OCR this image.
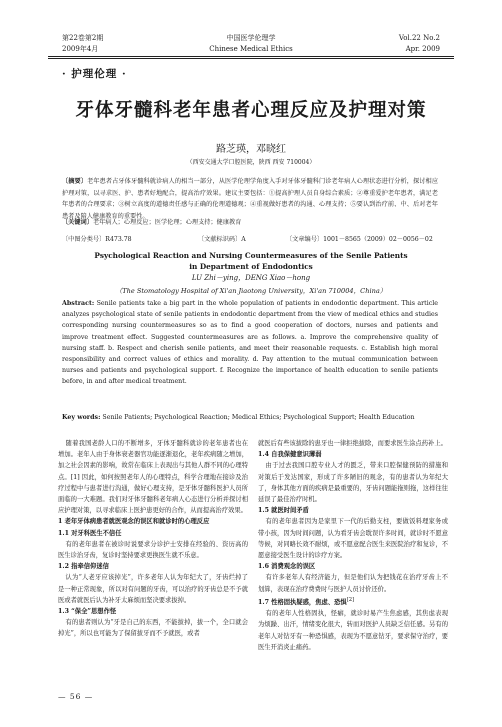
第22卷第2期
2009年4月
中国医学伦理学
Chinese Medical Ethics
Vol.22 No.2
Apr. 2009
· 护理伦理 ·
牙体牙髓科老年患者心理反应及护理对策
路芝瑛，邓晓红
（西安交通大学口腔医院，陕西 西安 710004）
〔摘要〕老年患者占牙体牙髓科就诊病人的相当一部分，从医学伦理学角度入手对牙体牙髓科门诊老年病人心理状态进行分析，探讨相应护理对策，以寻求医、护、患者好地配合，提高治疗效果。建议主要包括：①提高护理人员自身综合素质；②尊重爱护老年患者，满足老年患者的合理要求；③树立高度的道德责任感与正确的伦理道德观；④重视做好患者的沟通、心理支持；⑤要认到治疗前、中、后对老年患者及陪人健康教育的重要性。
〔关键词〕老年病人；心理反应；医学伦理；心理支持；健康教育
〔中图分类号〕R473.78	〔文献标识码〕A	〔文章编号〕1001－8565（2009）02－0056－02
Psychological Reaction and Nursing Countermeasures of the Senile Patients
in Department of Endodontics
LU Zhi－ying，DENG Xiao－hong
（The Stomatology Hospital of Xi'an Jiaotong University，Xi'an 710004，China）
Abstract: Senile patients take a big part in the whole population of patients in endodontic department. This article analyzes psychological state of senile patients in endodontic department from the view of medical ethics and studies corresponding nursing countermeasures so as to find a good cooperation of doctors, nurses and patients and improve treatment effect. Suggested countermeasures are as follows. a. Improve the comprehensive quality of nursing staff. b. Respect and cherish senile patients, and meet their reasonable requests. c. Establish high moral responsibility and correct values of ethics and morality. d. Pay attention to the mutual communication between nurses and patients and psychological support. f. Recognize the importance of health education to senile patients before, in and after medical treatment.
Key words: Senile Patients; Psychological Reaction; Medical Ethics; Psychological Support; Health Education

随着我国老龄人口的不断增多，牙体牙髓科就诊的老年患者也在增加。老年人由于身体衰老器官功能逐渐退化，老年疾病随之增加，加之社会因素的影响，故常在临床上表现出与其他人群不同的心理特点。[1] 因此，如何按照老年人的心理特点，科学合理地在接诊及治疗过程中与患者进行沟通，做好心理支持，是牙体牙髓科医护人员所面临的一大难题。我们对牙体牙髓科老年病人心态进行分析并探讨相应护理对策，以寻求临床上医护患更好的合作，从而提高治疗效果。

1 老年牙体病患者就医观念的误区和就诊时的心理反应

1.1 对牙科医生不信任

有的老年患者在被诊时说要求分诊护士安排在经验的、资历高的医生诊治牙齿，复诊时坚持要求更换医生就不乐意。

1.2 指牵信仰迷信

认为“人老牙应该掉光”，许多老年人认为年纪大了，牙齿烂掉了是一种正常现象，所以对有问题的牙齿，可以治疗的牙齿总是不予就医或者就医后认为补牙太麻烦而坚决要求拔掉。

1.3 “保全”思想作怪

有的患者则认为“牙是自己的东西，不能拔掉，拔一个，全口就会掉光”，所以也可能为了保留拔牙而不予就医，或者

就医后有些该拔除的患牙也一律拒绝拔除，而要求医生涂点药补上。

1.4 自我保健意识薄弱

由于过去我国口腔专业人才的匮乏，带来口腔保健预防的措施和对策后于发达国家，形成了许多陋旧的观念，有的患者认为年纪大了，身体其他方面的疾病是最重要的，牙齿问题能拖则拖，这样往往延误了最佳治疗时机。

1.5 就医时间矛盾

有的老年患者因为是家里下一代的后勤支柱，要做饭料理家务或带小孩，因为时间问题，认为看牙齿会耽误许多时间，就诊时不愿意等候，对同略长效不耐烦，或不愿意配合医生来医院治疗和复诊，不愿意接受医生设计的诊疗方案。

1.6 消费观念的误区

有许多老年人有经济能力，但是他们认为把钱花在治疗牙齿上不划算，表现在治疗费费时与医护人员讨价还价。

1.7 性格固执疑惑，焦虑、恐惧[2]

有的老年人性格固执，怪癖，就诊时易产生焦虑感，其焦虑表现为烦躁、出汗，情绪变化很大，转而对医护人员缺乏信任感。另有的老年人对钻牙有一种恐惧感，表现为不愿意钻牙，要求保守治疗，要医生开消炎止痛药。

— 56 —
